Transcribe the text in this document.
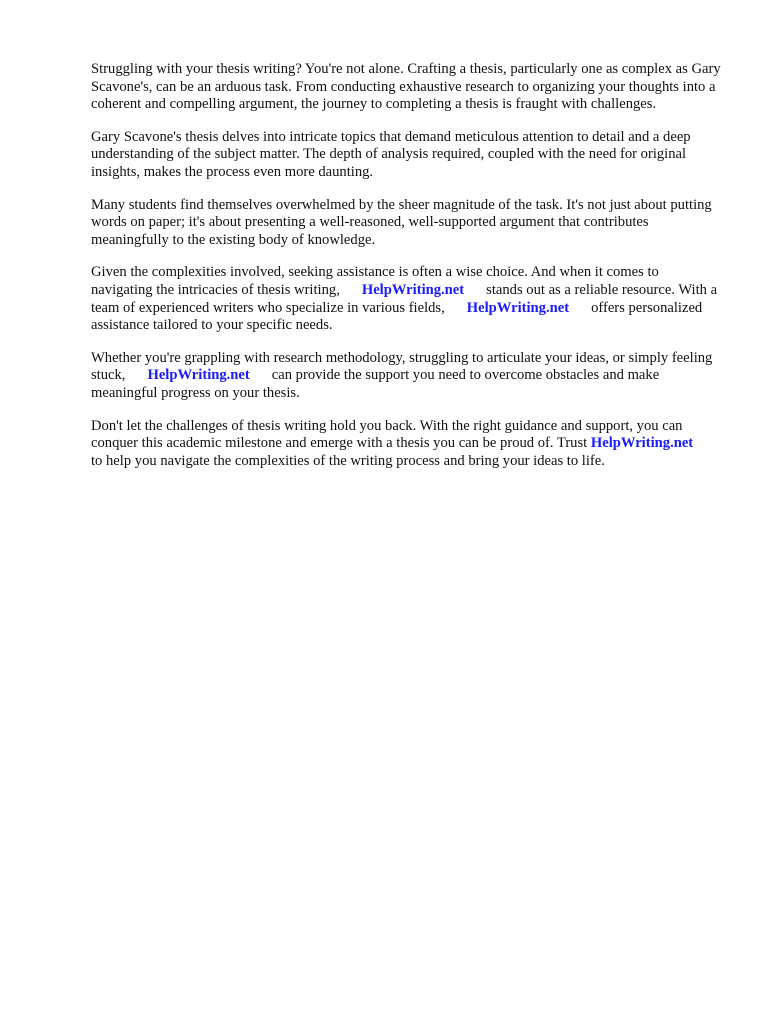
Struggling with your thesis writing? You're not alone. Crafting a thesis, particularly one as complex as Gary Scavone's, can be an arduous task. From conducting exhaustive research to organizing your thoughts into a coherent and compelling argument, the journey to completing a thesis is fraught with challenges.

Gary Scavone's thesis delves into intricate topics that demand meticulous attention to detail and a deep understanding of the subject matter. The depth of analysis required, coupled with the need for original insights, makes the process even more daunting.

Many students find themselves overwhelmed by the sheer magnitude of the task. It's not just about putting words on paper; it's about presenting a well-reasoned, well-supported argument that contributes meaningfully to the existing body of knowledge.

Given the complexities involved, seeking assistance is often a wise choice. And when it comes to navigating the intricacies of thesis writing, HelpWriting.net stands out as a reliable resource. With a team of experienced writers who specialize in various fields, HelpWriting.net offers personalized assistance tailored to your specific needs.

Whether you're grappling with research methodology, struggling to articulate your ideas, or simply feeling stuck, HelpWriting.net can provide the support you need to overcome obstacles and make meaningful progress on your thesis.

Don't let the challenges of thesis writing hold you back. With the right guidance and support, you can conquer this academic milestone and emerge with a thesis you can be proud of. Trust HelpWriting.netto help you navigate the complexities of the writing process and bring your ideas to life.
